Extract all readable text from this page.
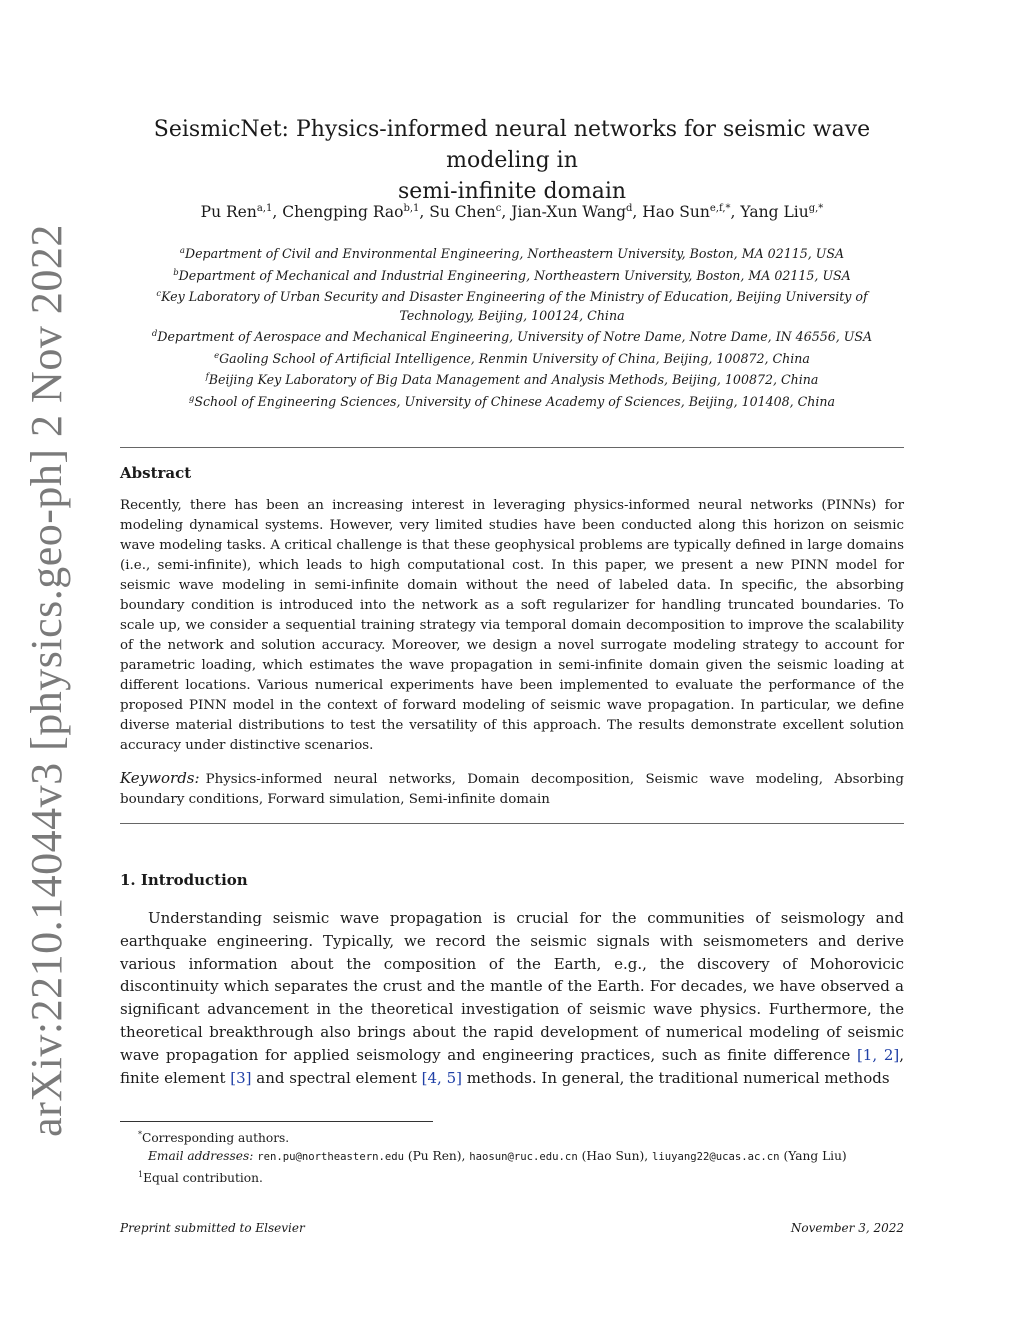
arXiv:2210.14044v3 [physics.geo-ph] 2 Nov 2022
SeismicNet: Physics-informed neural networks for seismic wave modeling in
semi-infinite domain
Pu Ren$^{a,1}$, Chengping Rao$^{b,1}$, Su Chen$^c$, Jian-Xun Wang$^d$, Hao Sun$^{e,f,*}$, Yang Liu$^{g,*}$
$^a$Department of Civil and Environmental Engineering, Northeastern University, Boston, MA 02115, USA
$^b$Department of Mechanical and Industrial Engineering, Northeastern University, Boston, MA 02115, USA
$^c$Key Laboratory of Urban Security and Disaster Engineering of the Ministry of Education, Beijing University of Technology, Beijing, 100124, China
$^d$Department of Aerospace and Mechanical Engineering, University of Notre Dame, Notre Dame, IN 46556, USA
$^e$Gaoling School of Artificial Intelligence, Renmin University of China, Beijing, 100872, China
$^f$Beijing Key Laboratory of Big Data Management and Analysis Methods, Beijing, 100872, China
$^g$School of Engineering Sciences, University of Chinese Academy of Sciences, Beijing, 101408, China
Abstract
Recently, there has been an increasing interest in leveraging physics-informed neural networks (PINNs) for modeling dynamical systems. However, very limited studies have been conducted along this horizon on seismic wave modeling tasks. A critical challenge is that these geophysical problems are typically defined in large domains (i.e., semi-infinite), which leads to high computational cost. In this paper, we present a new PINN model for seismic wave modeling in semi-infinite domain without the need of labeled data. In specific, the absorbing boundary condition is introduced into the network as a soft regularizer for handling truncated boundaries. To scale up, we consider a sequential training strategy via temporal domain decomposition to improve the scalability of the network and solution accuracy. Moreover, we design a novel surrogate modeling strategy to account for parametric loading, which estimates the wave propagation in semi-infinite domain given the seismic loading at different locations. Various numerical experiments have been implemented to evaluate the performance of the proposed PINN model in the context of forward modeling of seismic wave propagation. In particular, we define diverse material distributions to test the versatility of this approach. The results demonstrate excellent solution accuracy under distinctive scenarios.
Keywords: Physics-informed neural networks, Domain decomposition, Seismic wave modeling, Absorbing boundary conditions, Forward simulation, Semi-infinite domain
1. Introduction
Understanding seismic wave propagation is crucial for the communities of seismology and earthquake engineering. Typically, we record the seismic signals with seismometers and derive various information about the composition of the Earth, e.g., the discovery of Mohorovicic discontinuity which separates the crust and the mantle of the Earth. For decades, we have observed a significant advancement in the theoretical investigation of seismic wave physics. Furthermore, the theoretical breakthrough also brings about the rapid development of numerical modeling of seismic wave propagation for applied seismology and engineering practices, such as finite difference [1, 2], finite element [3] and spectral element [4, 5] methods. In general, the traditional numerical methods
*Corresponding authors.
Email addresses: ren.pu@northeastern.edu (Pu Ren), haosun@ruc.edu.cn (Hao Sun), liuyang22@ucas.ac.cn (Yang Liu)
$^1$Equal contribution.
Preprint submitted to Elsevier	November 3, 2022
